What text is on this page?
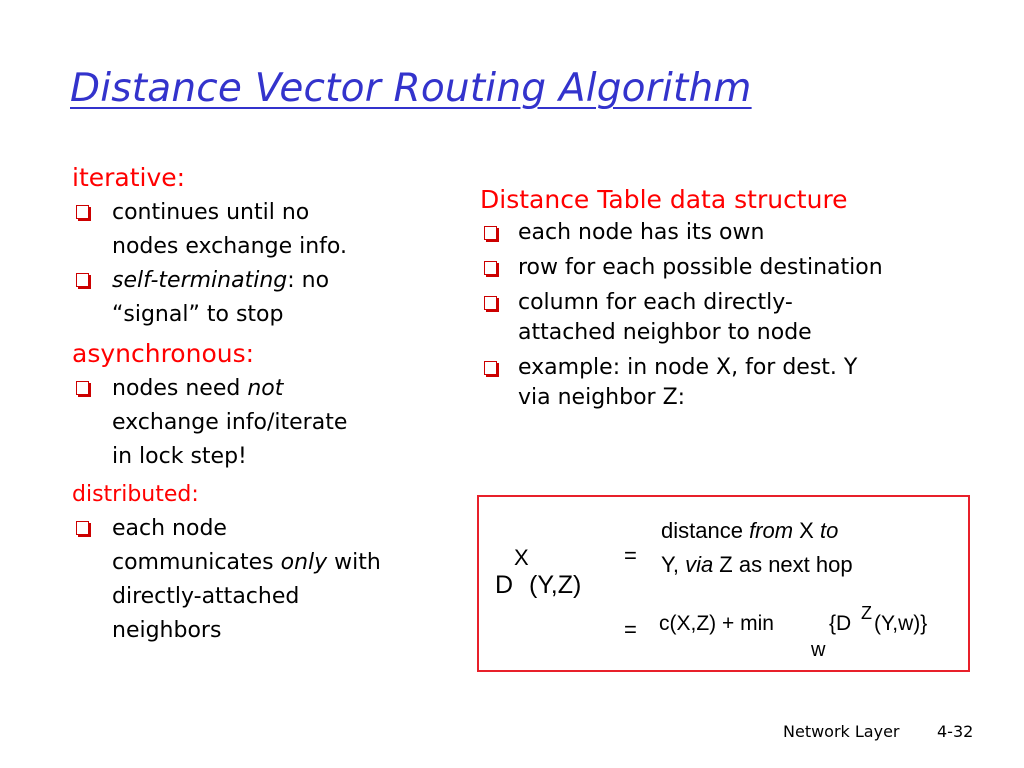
Distance Vector Routing Algorithm
iterative:
continues until no
nodes exchange info.
self-terminating: no
“signal” to stop
asynchronous:
nodes need not
exchange info/iterate
in lock step!
distributed:
each node
communicates only with
directly-attached
neighbors
Distance Table data structure
each node has its own
row for each possible destination
column for each directly-
attached neighbor to node
example: in node X, for dest. Y
via neighbor Z:
X
D (Y,Z)
=
distance from X to
Y, via Z as next hop
= c(X,Z) + min	{D Z (Y,w)}
w
Network Layer 4-32
